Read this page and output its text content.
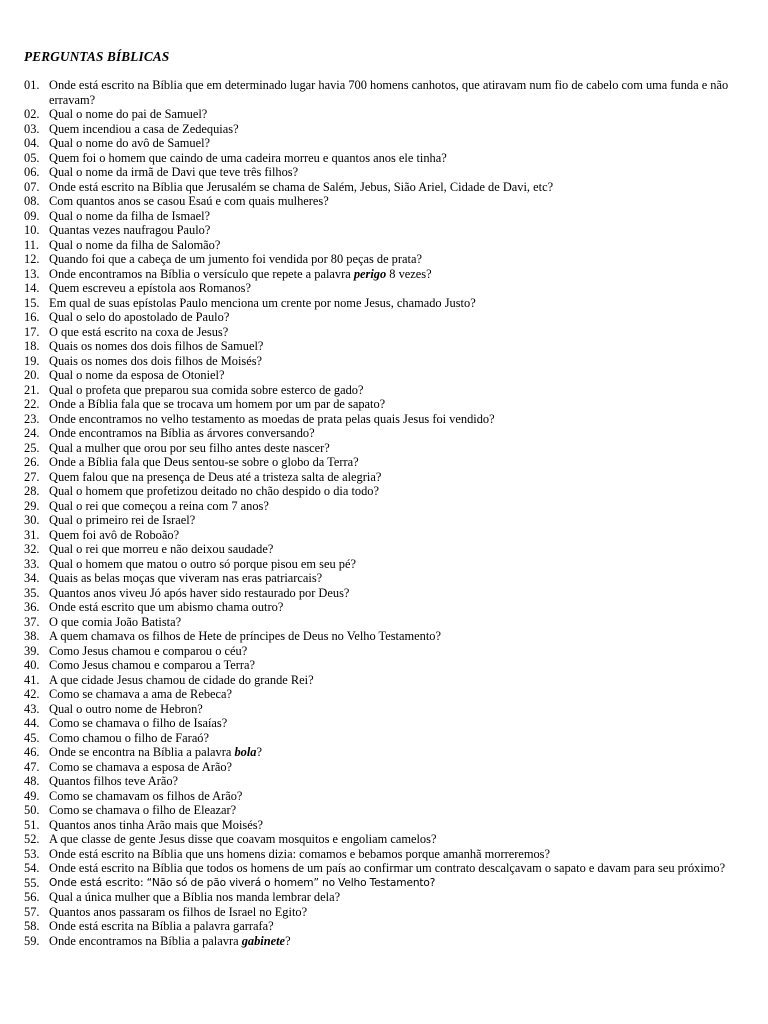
PERGUNTAS BÍBLICAS
01. Onde está escrito na Bíblia que em determinado lugar havia 700 homens canhotos, que atiravam num fio de cabelo com uma funda e não erravam?
02. Qual o nome do pai de Samuel?
03. Quem incendiou a casa de Zedequias?
04. Qual o nome do avô de Samuel?
05. Quem foi o homem que caindo de uma cadeira morreu e quantos anos ele tinha?
06. Qual o nome da irmã de Davi que teve três filhos?
07. Onde está escrito na Bíblia que Jerusalém se chama de Salém, Jebus, Sião Ariel, Cidade de Davi, etc?
08. Com quantos anos se casou Esaú e com quais mulheres?
09. Qual o nome da filha de Ismael?
10. Quantas vezes naufragou Paulo?
11. Qual o nome da filha de Salomão?
12. Quando foi que a cabeça de um jumento foi vendida por 80 peças de prata?
13. Onde encontramos na Bíblia o versículo que repete a palavra perigo 8 vezes?
14. Quem escreveu a epístola aos Romanos?
15. Em qual de suas epístolas Paulo menciona um crente por nome Jesus, chamado Justo?
16. Qual o selo do apostolado de Paulo?
17. O que está escrito na coxa de Jesus?
18. Quais os nomes dos dois filhos de Samuel?
19. Quais os nomes dos dois filhos de Moisés?
20. Qual o nome da esposa de Otoniel?
21. Qual o profeta que preparou sua comida sobre esterco de gado?
22. Onde a Bíblia fala que se trocava um homem por um par de sapato?
23. Onde encontramos no velho testamento as moedas de prata pelas quais Jesus foi vendido?
24. Onde encontramos na Bíblia as árvores conversando?
25. Qual a mulher que orou por seu filho antes deste nascer?
26. Onde a Bíblia fala que Deus sentou-se sobre o globo da Terra?
27. Quem falou que na presença de Deus até a tristeza salta de alegria?
28. Qual o homem que profetizou deitado no chão despido o dia todo?
29. Qual o rei que começou a reina com 7 anos?
30. Qual o primeiro rei de Israel?
31. Quem foi avô de Roboão?
32. Qual o rei que morreu e não deixou saudade?
33. Qual o homem que matou o outro só porque pisou em seu pé?
34. Quais as belas moças que viveram nas eras patriarcais?
35. Quantos anos viveu Jó após haver sido restaurado por Deus?
36. Onde está escrito que um abismo chama outro?
37. O que comia João Batista?
38. A quem chamava os filhos de Hete de príncipes de Deus no Velho Testamento?
39. Como Jesus chamou e comparou o céu?
40. Como Jesus chamou e comparou a Terra?
41. A que cidade Jesus chamou de cidade do grande Rei?
42. Como se chamava a ama de Rebeca?
43. Qual o outro nome de Hebron?
44. Como se chamava o filho de Isaías?
45. Como chamou o filho de Faraó?
46. Onde se encontra na Bíblia a palavra bola?
47. Como se chamava a esposa de Arão?
48. Quantos filhos teve Arão?
49. Como se chamavam os filhos de Arão?
50. Como se chamava o filho de Eleazar?
51. Quantos anos tinha Arão mais que Moisés?
52. A que classe de gente Jesus disse que coavam mosquitos e engoliam camelos?
53. Onde está escrito na Bíblia que uns homens dizia: comamos e bebamos porque amanhã morreremos?
54. Onde está escrito na Bíblia que todos os homens de um país ao confirmar um contrato descalçavam o sapato e davam para seu próximo?
55. Onde está escrito: “Não só de pão viverá o homem” no Velho Testamento?
56. Qual a única mulher que a Bíblia nos manda lembrar dela?
57. Quantos anos passaram os filhos de Israel no Egito?
58. Onde está escrita na Bíblia a palavra garrafa?
59. Onde encontramos na Bíblia a palavra gabinete?
